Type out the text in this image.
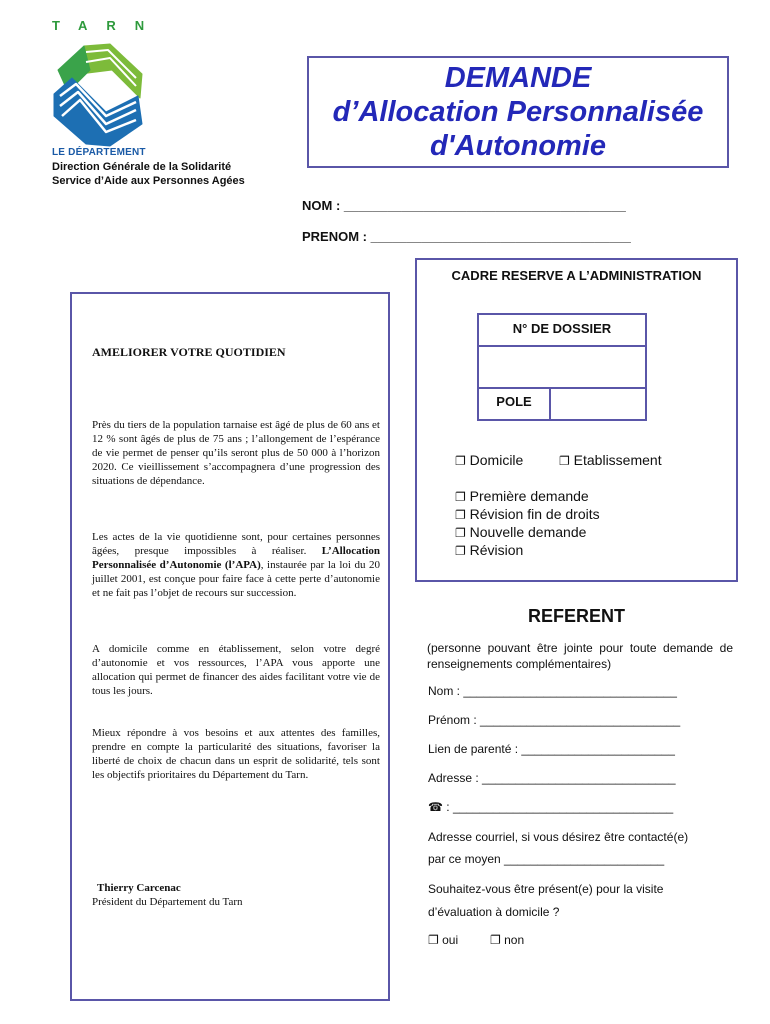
TARN
LE DÉPARTEMENT
Direction Générale de la Solidarité
Service d’Aide aux Personnes Agées
DEMANDE
d’Allocation Personnalisée
d'Autonomie
NOM : _______________________________________
PRENOM : ____________________________________
CADRE RESERVE A L’ADMINISTRATION
N° DE DOSSIER
POLE
❐ Domicile	❐ Etablissement
❐ Première demande
❐ Révision fin de droits
❐ Nouvelle demande
❐ Révision
AMELIORER VOTRE QUOTIDIEN
Près du tiers de la population tarnaise est âgé de plus de 60 ans et 12 % sont âgés de plus de 75 ans ; l’allongement de l’espérance de vie permet de penser qu’ils seront plus de 50 000 à l’horizon 2020. Ce vieillissement s’accompagnera d’une progression des situations de dépendance.
Les actes de la vie quotidienne sont, pour certaines personnes âgées, presque impossibles à réaliser. L’Allocation Personnalisée d’Autonomie (l’APA), instaurée par la loi du 20 juillet 2001, est conçue pour faire face à cette perte d’autonomie et ne fait pas l’objet de recours sur succession.
A domicile comme en établissement, selon votre degré d’autonomie et vos ressources, l’APA vous apporte une allocation qui permet de financer des aides facilitant votre vie de tous les jours.
Mieux répondre à vos besoins et aux attentes des familles, prendre en compte la particularité des situations, favoriser la liberté de choix de chacun dans un esprit de solidarité, tels sont les objectifs prioritaires du Département du Tarn.
Thierry Carcenac
Président du Département du Tarn
REFERENT
(personne pouvant être jointe pour toute demande de renseignements complémentaires)
Nom : ________________________________
Prénom : ______________________________
Lien de parenté : _______________________
Adresse : _____________________________
☎ : _________________________________
Adresse courriel, si vous désirez être contacté(e)
par ce moyen ________________________
Souhaitez-vous être présent(e) pour la visite
d’évaluation à domicile ?
❐ oui	❐ non
